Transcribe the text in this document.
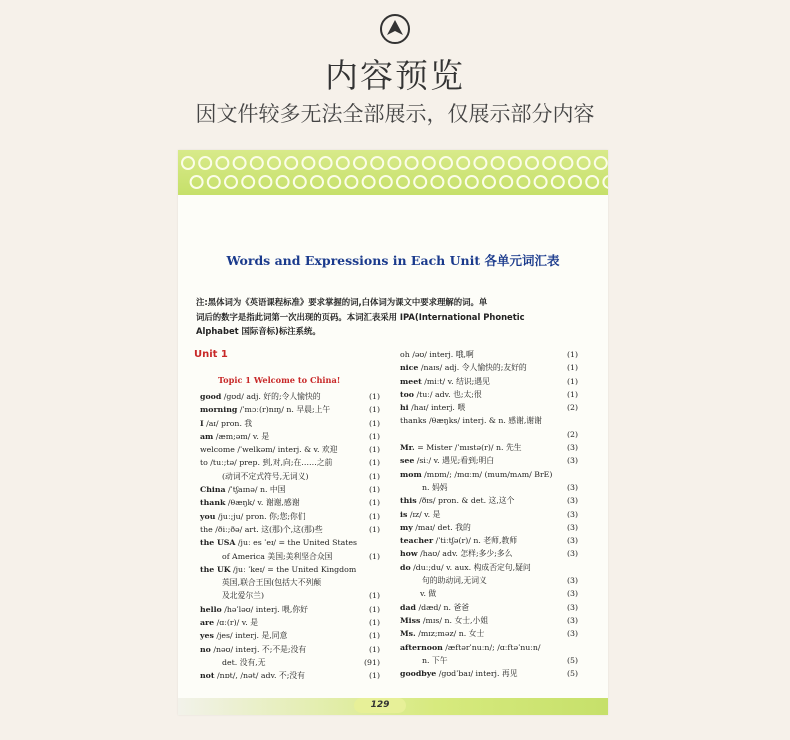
内容预览
因文件较多无法全部展示，仅展示部分内容
Words and Expressions in Each Unit 各单元词汇表
注:黑体词为《英语课程标准》要求掌握的词,白体词为课文中要求理解的词。单
词后的数字是指此词第一次出现的页码。本词汇表采用 IPA(International Phonetic
Alphabet 国际音标)标注系统。
Unit 1
Topic 1 Welcome to China!
good /ɡʊd/ adj. 好的;令人愉快的	(1)
morning /ˈmɔː(r)nɪŋ/ n. 早晨;上午	(1)
I /aɪ/ pron. 我	(1)
am /æm;əm/ v. 是	(1)
welcome /ˈwelkəm/ interj. & v. 欢迎	(1)
to /tuː;tə/ prep. 到,对,向;在……之前	(1)
(动词不定式符号,无词义)	(1)
China /ˈtʃaɪnə/ n. 中国	(1)
thank /θæŋk/ v. 谢谢,感谢	(1)
you /juː;ju/ pron. 你;您;你们	(1)
the /ðiː;ðə/ art. 这(那)个,这(那)些	(1)
the USA /juː es ˈeɪ/ = the United States
of America 美国;美利坚合众国	(1)
the UK /juː ˈkeɪ/ = the United Kingdom
英国,联合王国(包括大不列颠
及北爱尔兰)	(1)
hello /həˈləʊ/ interj. 喂,你好	(1)
are /ɑː(r)/ v. 是	(1)
yes /jes/ interj. 是,同意	(1)
no /nəʊ/ interj. 不;不是;没有	(1)
det. 没有,无	(91)
not /nɒt/, /nət/ adv. 不;没有	(1)
oh /əʊ/ interj. 哦,啊	(1)
nice /naɪs/ adj. 令人愉快的;友好的	(1)
meet /miːt/ v. 结识;遇见	(1)
too /tuː/ adv. 也;太;很	(1)
hi /haɪ/ interj. 喂	(2)
thanks /θæŋks/ interj. & n. 感谢,谢谢
(2)
Mr. = Mister /ˈmɪstə(r)/ n. 先生	(3)
see /siː/ v. 遇见;看到;明白	(3)
mom /mɒm/; /mɑːm/ (mum/mʌm/ BrE)
n. 妈妈	(3)
this /ðɪs/ pron. & det. 这,这个	(3)
is /ɪz/ v. 是	(3)
my /maɪ/ det. 我的	(3)
teacher /ˈtiːtʃə(r)/ n. 老师,教师	(3)
how /haʊ/ adv. 怎样;多少;多么	(3)
do /duː;du/ v. aux. 构成否定句,疑问
句的助动词,无词义	(3)
v. 做	(3)
dad /dæd/ n. 爸爸	(3)
Miss /mɪs/ n. 女士,小姐	(3)
Ms. /mɪz;məz/ n. 女士	(3)
afternoon /æftərˈnuːn/; /ɑːftəˈnuːn/
n. 下午	(5)
goodbye /ɡʊdˈbaɪ/ interj. 再见	(5)
129
